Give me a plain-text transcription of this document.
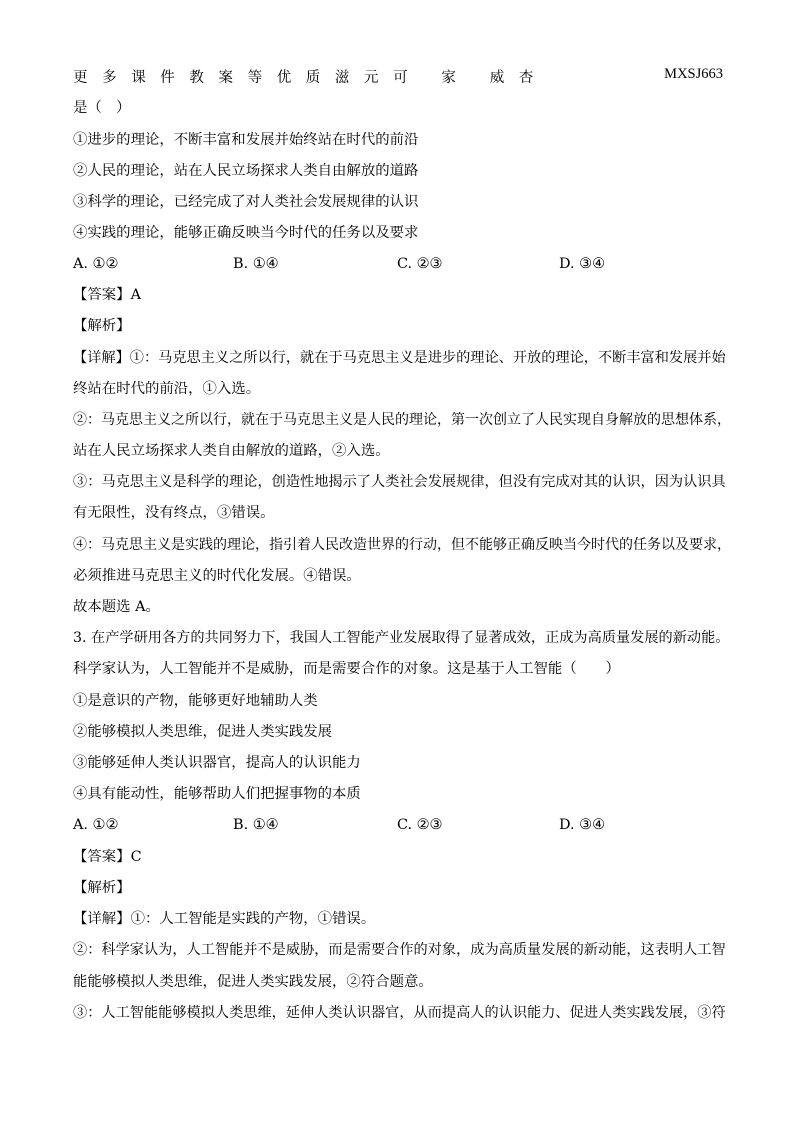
更多课件教案等优质滋元可 家 威杏	MXSJ663
是（　）
①进步的理论，不断丰富和发展并始终站在时代的前沿
②人民的理论，站在人民立场探求人类自由解放的道路
③科学的理论，已经完成了对人类社会发展规律的认识
④实践的理论，能够正确反映当今时代的任务以及要求
A. ①②	B. ①④	C. ②③	D. ③④
【答案】A
【解析】
【详解】①：马克思主义之所以行，就在于马克思主义是进步的理论、开放的理论，不断丰富和发展并始
终站在时代的前沿，①入选。
②：马克思主义之所以行，就在于马克思主义是人民的理论，第一次创立了人民实现自身解放的思想体系，
站在人民立场探求人类自由解放的道路，②入选。
③：马克思主义是科学的理论，创造性地揭示了人类社会发展规律，但没有完成对其的认识，因为认识具
有无限性，没有终点，③错误。
④：马克思主义是实践的理论，指引着人民改造世界的行动，但不能够正确反映当今时代的任务以及要求，
必须推进马克思主义的时代化发展。④错误。
故本题选 A。
3. 在产学研用各方的共同努力下，我国人工智能产业发展取得了显著成效，正成为高质量发展的新动能。
科学家认为，人工智能并不是威胁，而是需要合作的对象。这是基于人工智能（　　）
①是意识的产物，能够更好地辅助人类
②能够模拟人类思维，促进人类实践发展
③能够延伸人类认识器官，提高人的认识能力
④具有能动性，能够帮助人们把握事物的本质
A. ①②	B. ①④	C. ②③	D. ③④
【答案】C
【解析】
【详解】①：人工智能是实践的产物，①错误。
②：科学家认为，人工智能并不是威胁，而是需要合作的对象，成为高质量发展的新动能，这表明人工智
能能够模拟人类思维，促进人类实践发展，②符合题意。
③：人工智能能够模拟人类思维，延伸人类认识器官，从而提高人的认识能力、促进人类实践发展，③符
